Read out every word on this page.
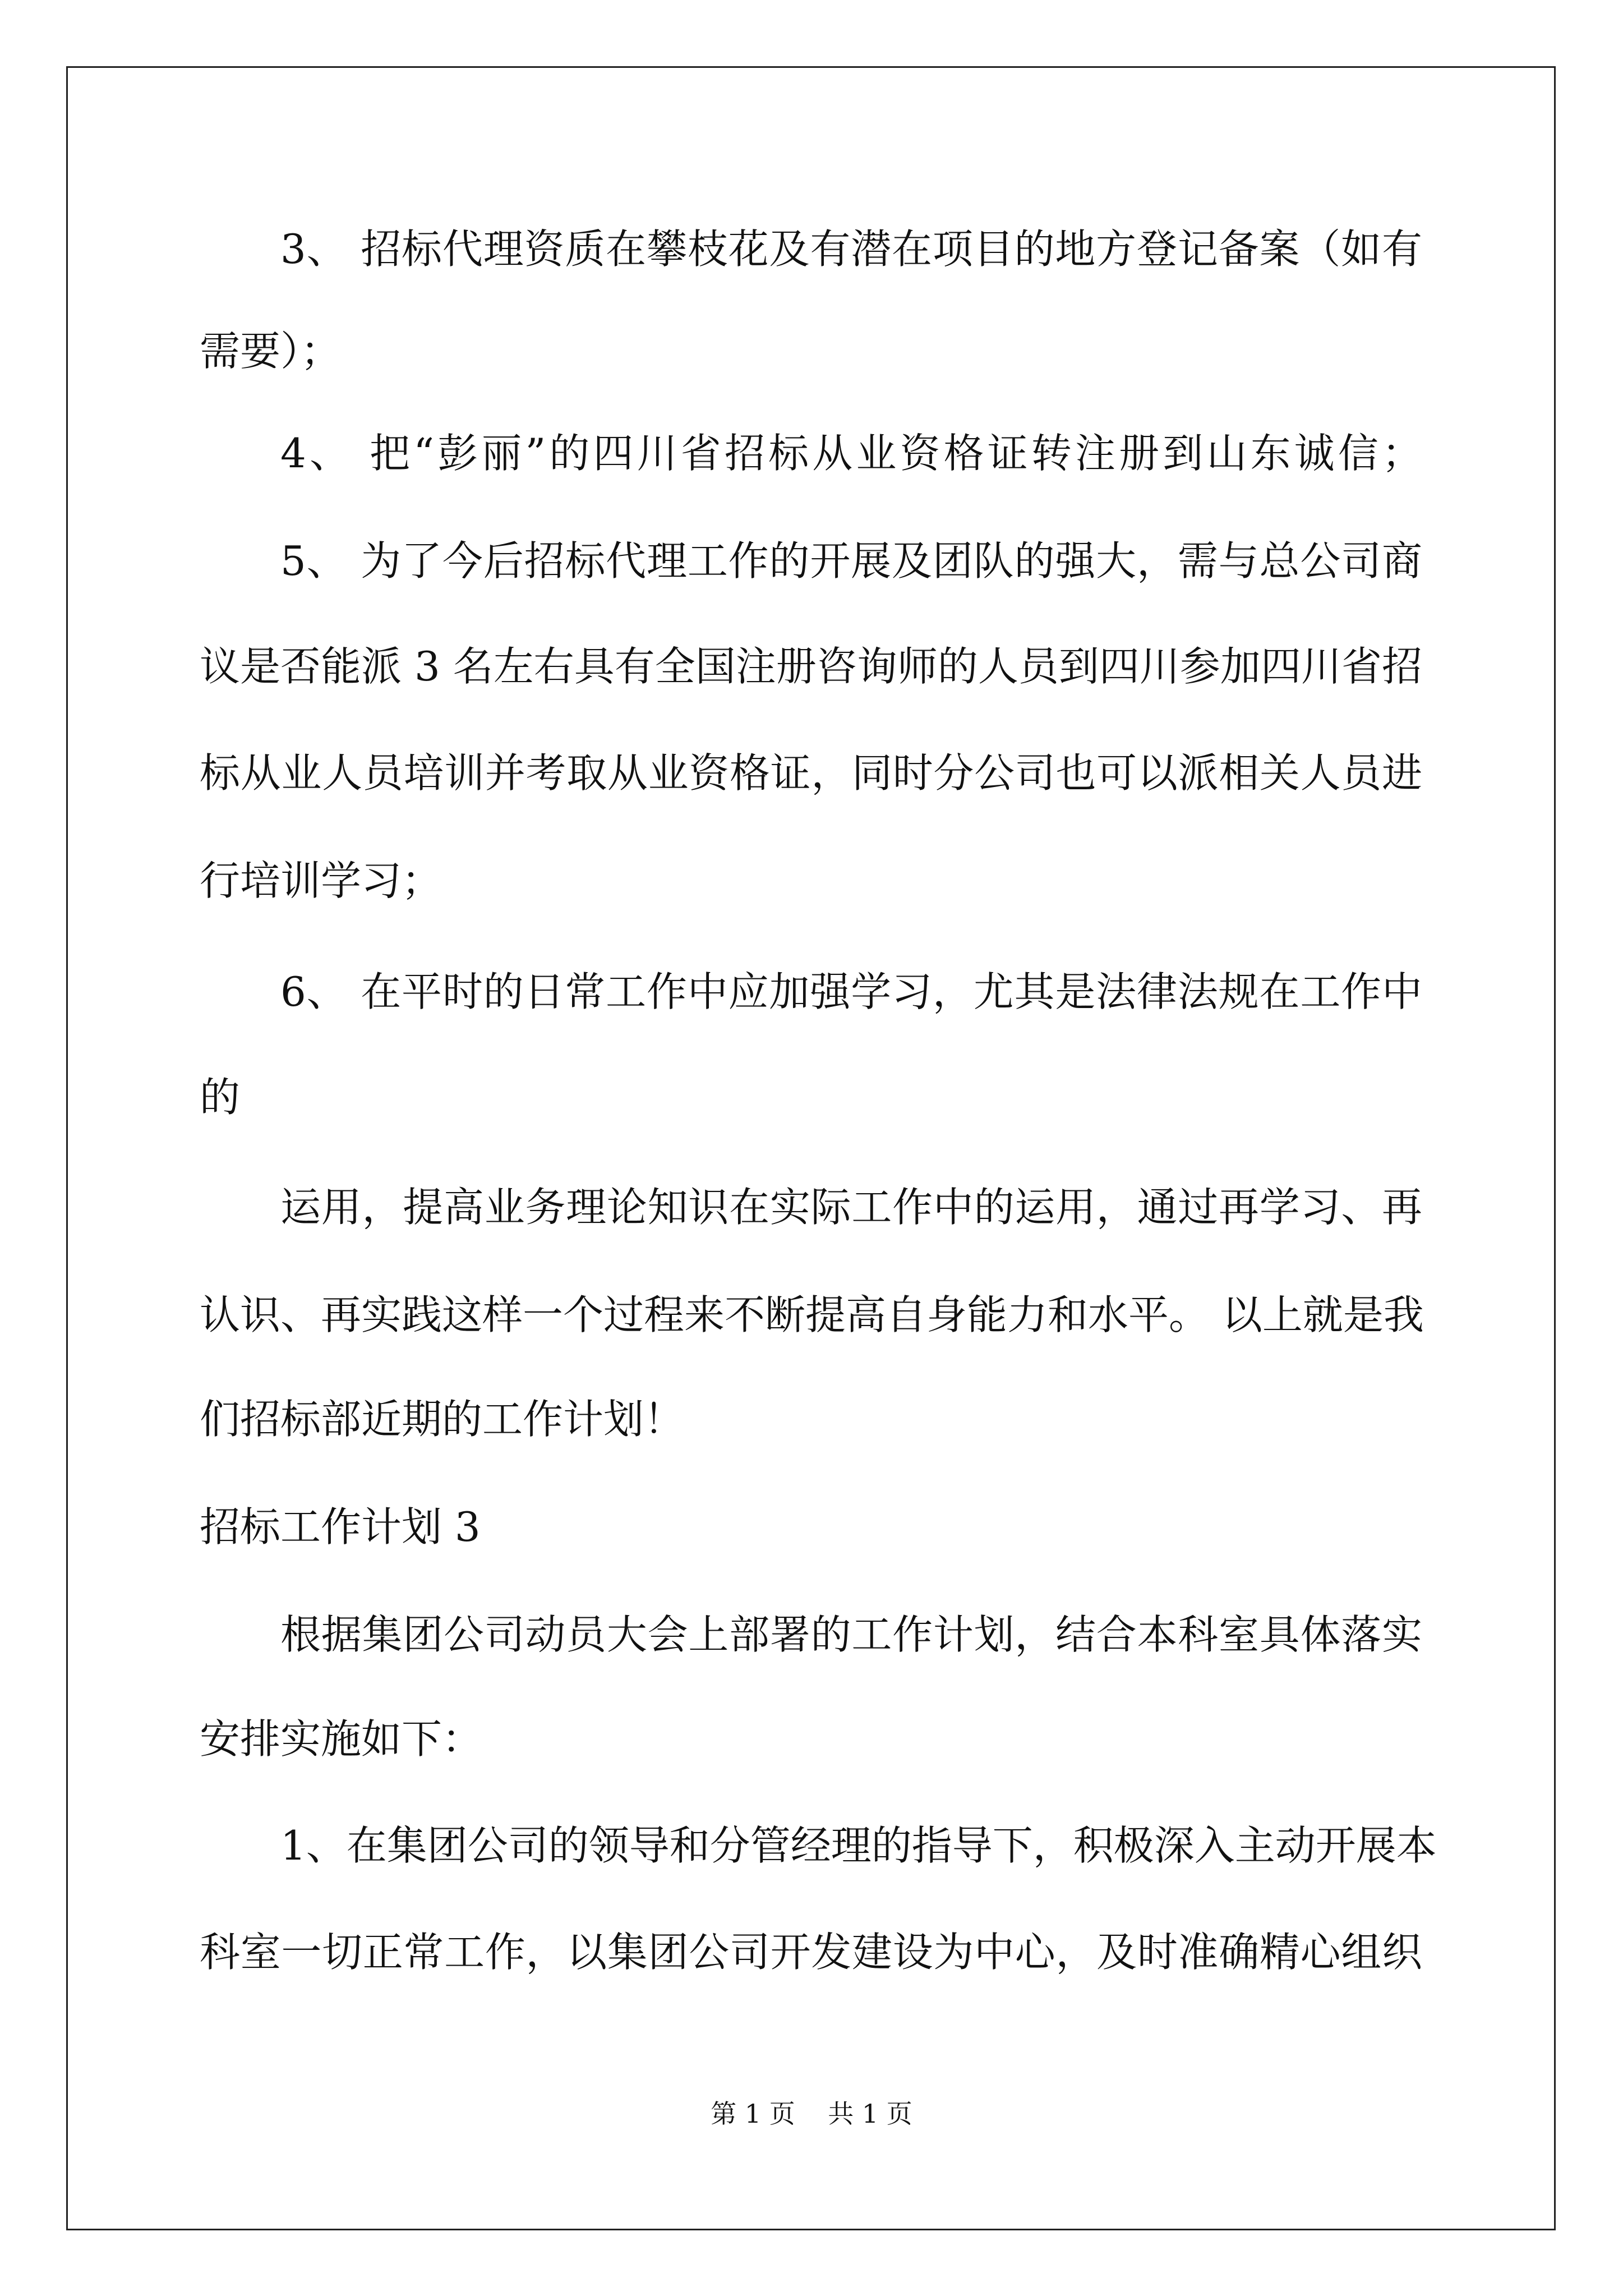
3、 招标代理资质在攀枝花及有潜在项目的地方登记备案（如有
需要）；
4、 把“彭丽”的四川省招标从业资格证转注册到山东诚信；
5、 为了今后招标代理工作的开展及团队的强大，需与总公司商
议是否能派 3 名左右具有全国注册咨询师的人员到四川参加四川省招
标从业人员培训并考取从业资格证，同时分公司也可以派相关人员进
行培训学习；
6、 在平时的日常工作中应加强学习，尤其是法律法规在工作中
的
运用，提高业务理论知识在实际工作中的运用，通过再学习、再
认识、再实践这样一个过程来不断提高自身能力和水平。 以上就是我
们招标部近期的工作计划！
招标工作计划 3
根据集团公司动员大会上部署的工作计划，结合本科室具体落实
安排实施如下：
1、在集团公司的领导和分管经理的指导下，积极深入主动开展本
科室一切正常工作，以集团公司开发建设为中心，及时准确精心组织
第 1 页    共 1 页
